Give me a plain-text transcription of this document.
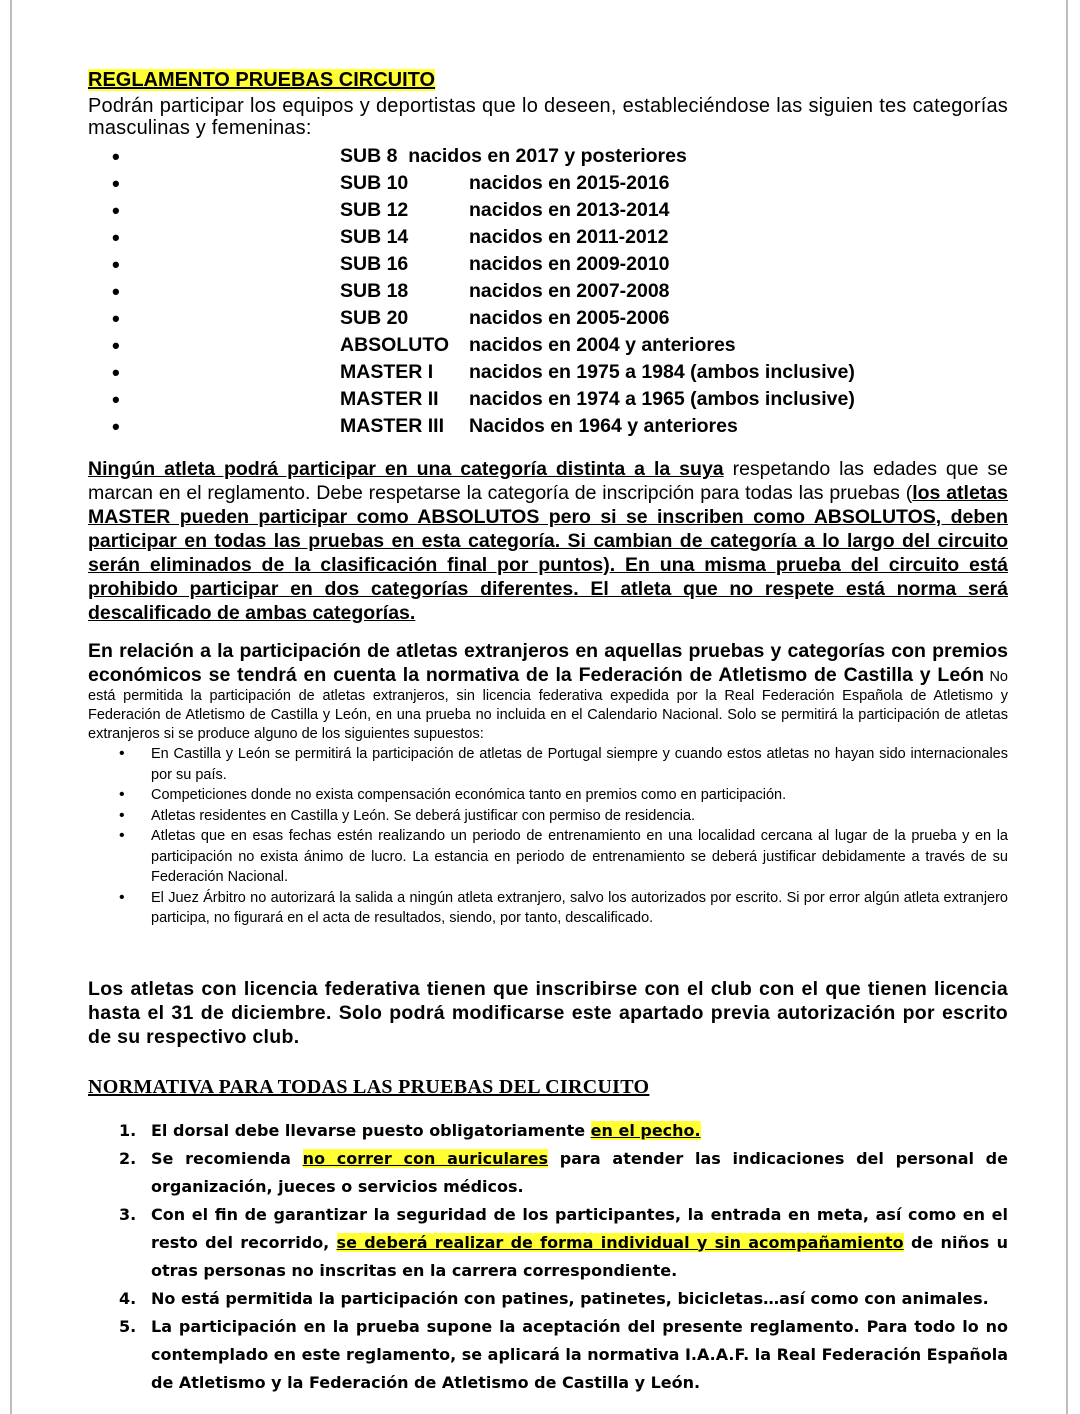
REGLAMENTO PRUEBAS CIRCUITO

Podrán participar los equipos y deportistas que lo deseen, estableciéndose las siguien tes categorías masculinas y femeninas:

•	SUB 8 nacidos en 2017 y posteriores
•	SUB 10	nacidos en 2015-2016
•	SUB 12	nacidos en 2013-2014
•	SUB 14	nacidos en 2011-2012
•	SUB 16	nacidos en 2009-2010
•	SUB 18	nacidos en 2007-2008
•	SUB 20	nacidos en 2005-2006
•	ABSOLUTO nacidos en 2004 y anteriores
•	MASTER I nacidos en 1975 a 1984 (ambos inclusive)
•	MASTER II nacidos en 1974 a 1965 (ambos inclusive)
•	MASTER III Nacidos en 1964 y anteriores

Ningún atleta podrá participar en una categoría distinta a la suya respetando las edades que se marcan en el reglamento. Debe respetarse la categoría de inscripción para todas las pruebas (los atletas MASTER pueden participar como ABSOLUTOS pero si se inscriben como ABSOLUTOS, deben participar en todas las pruebas en esta categoría. Si cambian de categoría a lo largo del circuito serán eliminados de la clasificación final por puntos). En una misma prueba del circuito está prohibido participar en dos categorías diferentes. El atleta que no respete está norma será descalificado de ambas categorías.

En relación a la participación de atletas extranjeros en aquellas pruebas y categorías con premios económicos se tendrá en cuenta la normativa de la Federación de Atletismo de Castilla y León No está permitida la participación de atletas extranjeros, sin licencia federativa expedida por la Real Federación Española de Atletismo y Federación de Atletismo de Castilla y León, en una prueba no incluida en el Calendario Nacional. Solo se permitirá la participación de atletas extranjeros si se produce alguno de los siguientes supuestos:
• En Castilla y León se permitirá la participación de atletas de Portugal siempre y cuando estos atletas no hayan sido internacionales por su país.
• Competiciones donde no exista compensación económica tanto en premios como en participación.
• Atletas residentes en Castilla y León. Se deberá justificar con permiso de residencia.
• Atletas que en esas fechas estén realizando un periodo de entrenamiento en una localidad cercana al lugar de la prueba y en la participación no exista ánimo de lucro. La estancia en periodo de entrenamiento se deberá justificar debidamente a través de su Federación Nacional.
• El Juez Árbitro no autorizará la salida a ningún atleta extranjero, salvo los autorizados por escrito. Si por error algún atleta extranjero participa, no figurará en el acta de resultados, siendo, por tanto, descalificado.

Los atletas con licencia federativa tienen que inscribirse con el club con el que tienen licencia hasta el 31 de diciembre. Solo podrá modificarse este apartado previa autorización por escrito de su respectivo club.

NORMATIVA PARA TODAS LAS PRUEBAS DEL CIRCUITO
1. El dorsal debe llevarse puesto obligatoriamente en el pecho.
2. Se recomienda no correr con auriculares para atender las indicaciones del personal de organización, jueces o servicios médicos.
3. Con el fin de garantizar la seguridad de los participantes, la entrada en meta, así como en el resto del recorrido, se deberá realizar de forma individual y sin acompañamiento de niños u otras personas no inscritas en la carrera correspondiente.
4. No está permitida la participación con patines, patinetes, bicicletas…así como con animales.
5. La participación en la prueba supone la aceptación del presente reglamento. Para todo lo no contemplado en este reglamento, se aplicará la normativa I.A.A.F. la Real Federación Española de Atletismo y la Federación de Atletismo de Castilla y León.
